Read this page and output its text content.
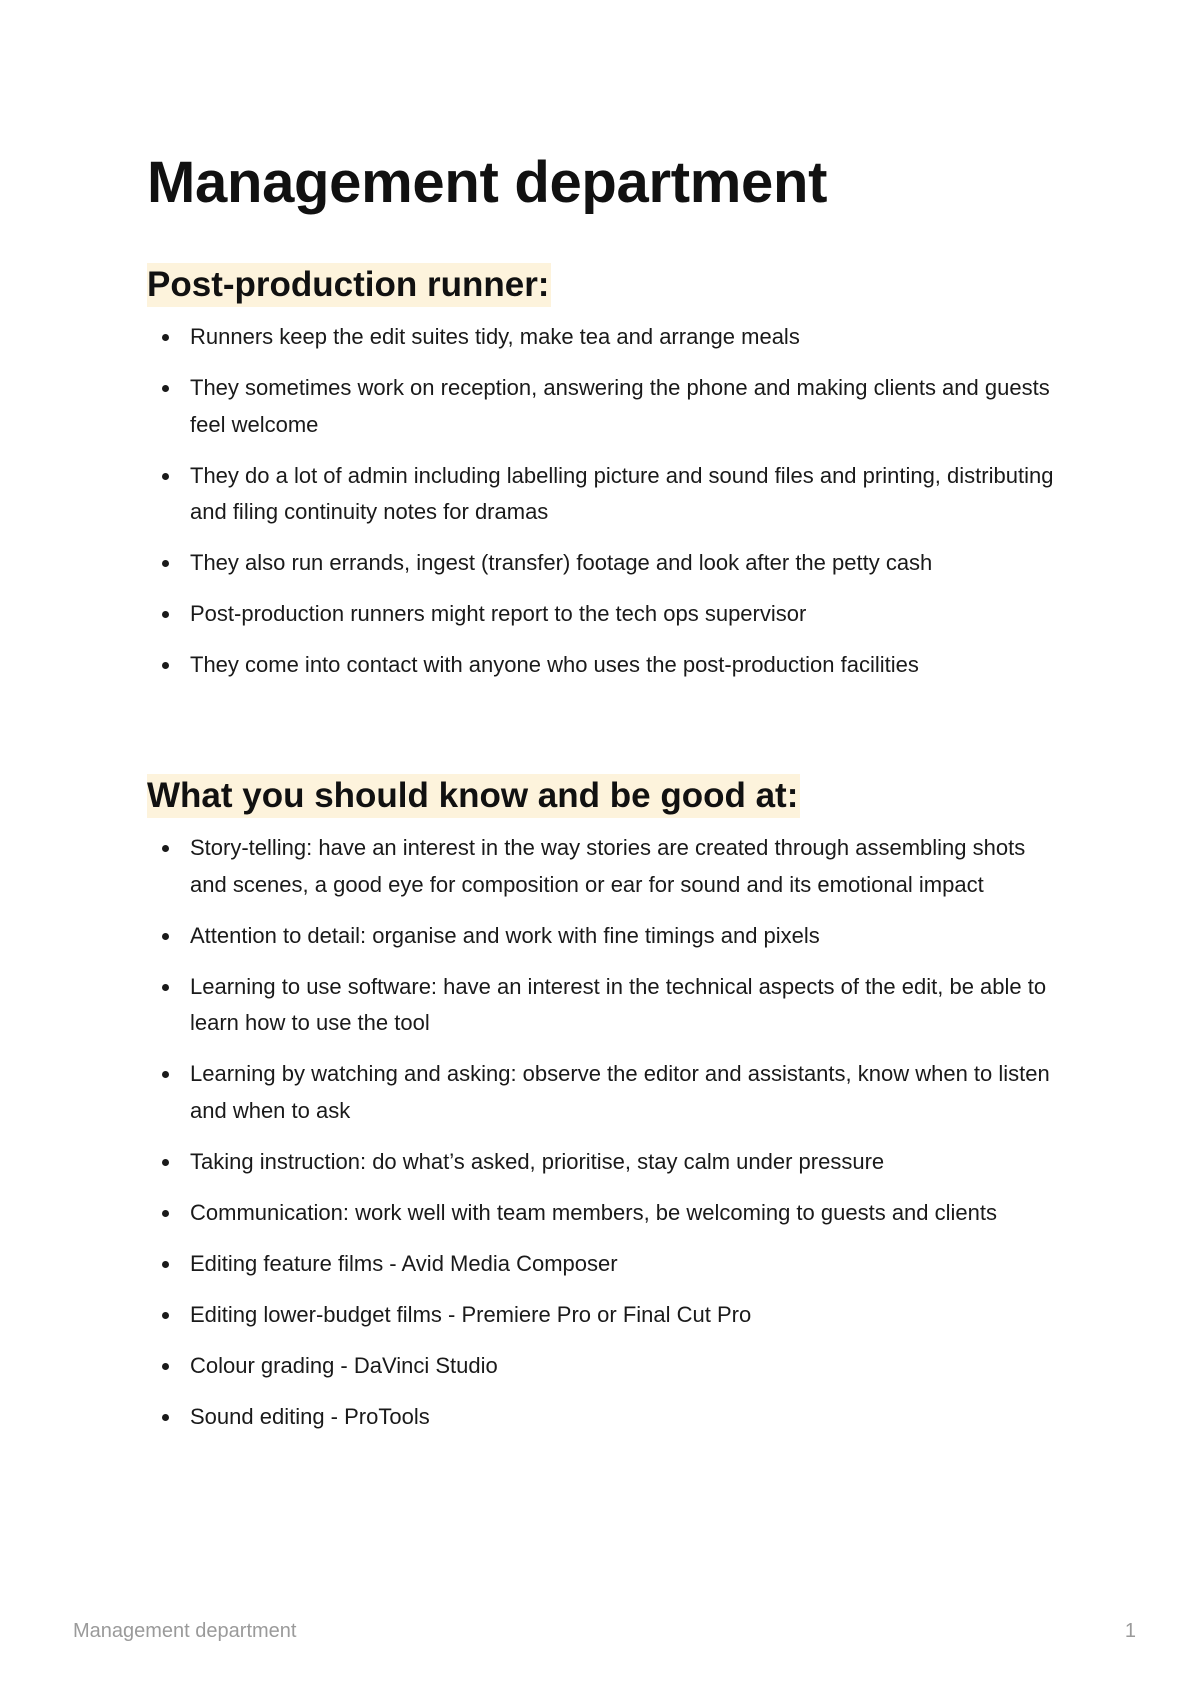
Management department
Post-production runner:
Runners keep the edit suites tidy, make tea and arrange meals
They sometimes work on reception, answering the phone and making clients and guests feel welcome
They do a lot of admin including labelling picture and sound files and printing, distributing and filing continuity notes for dramas
They also run errands, ingest (transfer) footage and look after the petty cash
Post-production runners might report to the tech ops supervisor
They come into contact with anyone who uses the post-production facilities
What you should know and be good at:
Story-telling: have an interest in the way stories are created through assembling shots and scenes, a good eye for composition or ear for sound and its emotional impact
Attention to detail: organise and work with fine timings and pixels
Learning to use software: have an interest in the technical aspects of the edit, be able to learn how to use the tool
Learning by watching and asking: observe the editor and assistants, know when to listen and when to ask
Taking instruction: do what’s asked, prioritise, stay calm under pressure
Communication: work well with team members, be welcoming to guests and clients
Editing feature films - Avid Media Composer
Editing lower-budget films - Premiere Pro or Final Cut Pro
Colour grading - DaVinci Studio
Sound editing - ProTools
Management department	1
